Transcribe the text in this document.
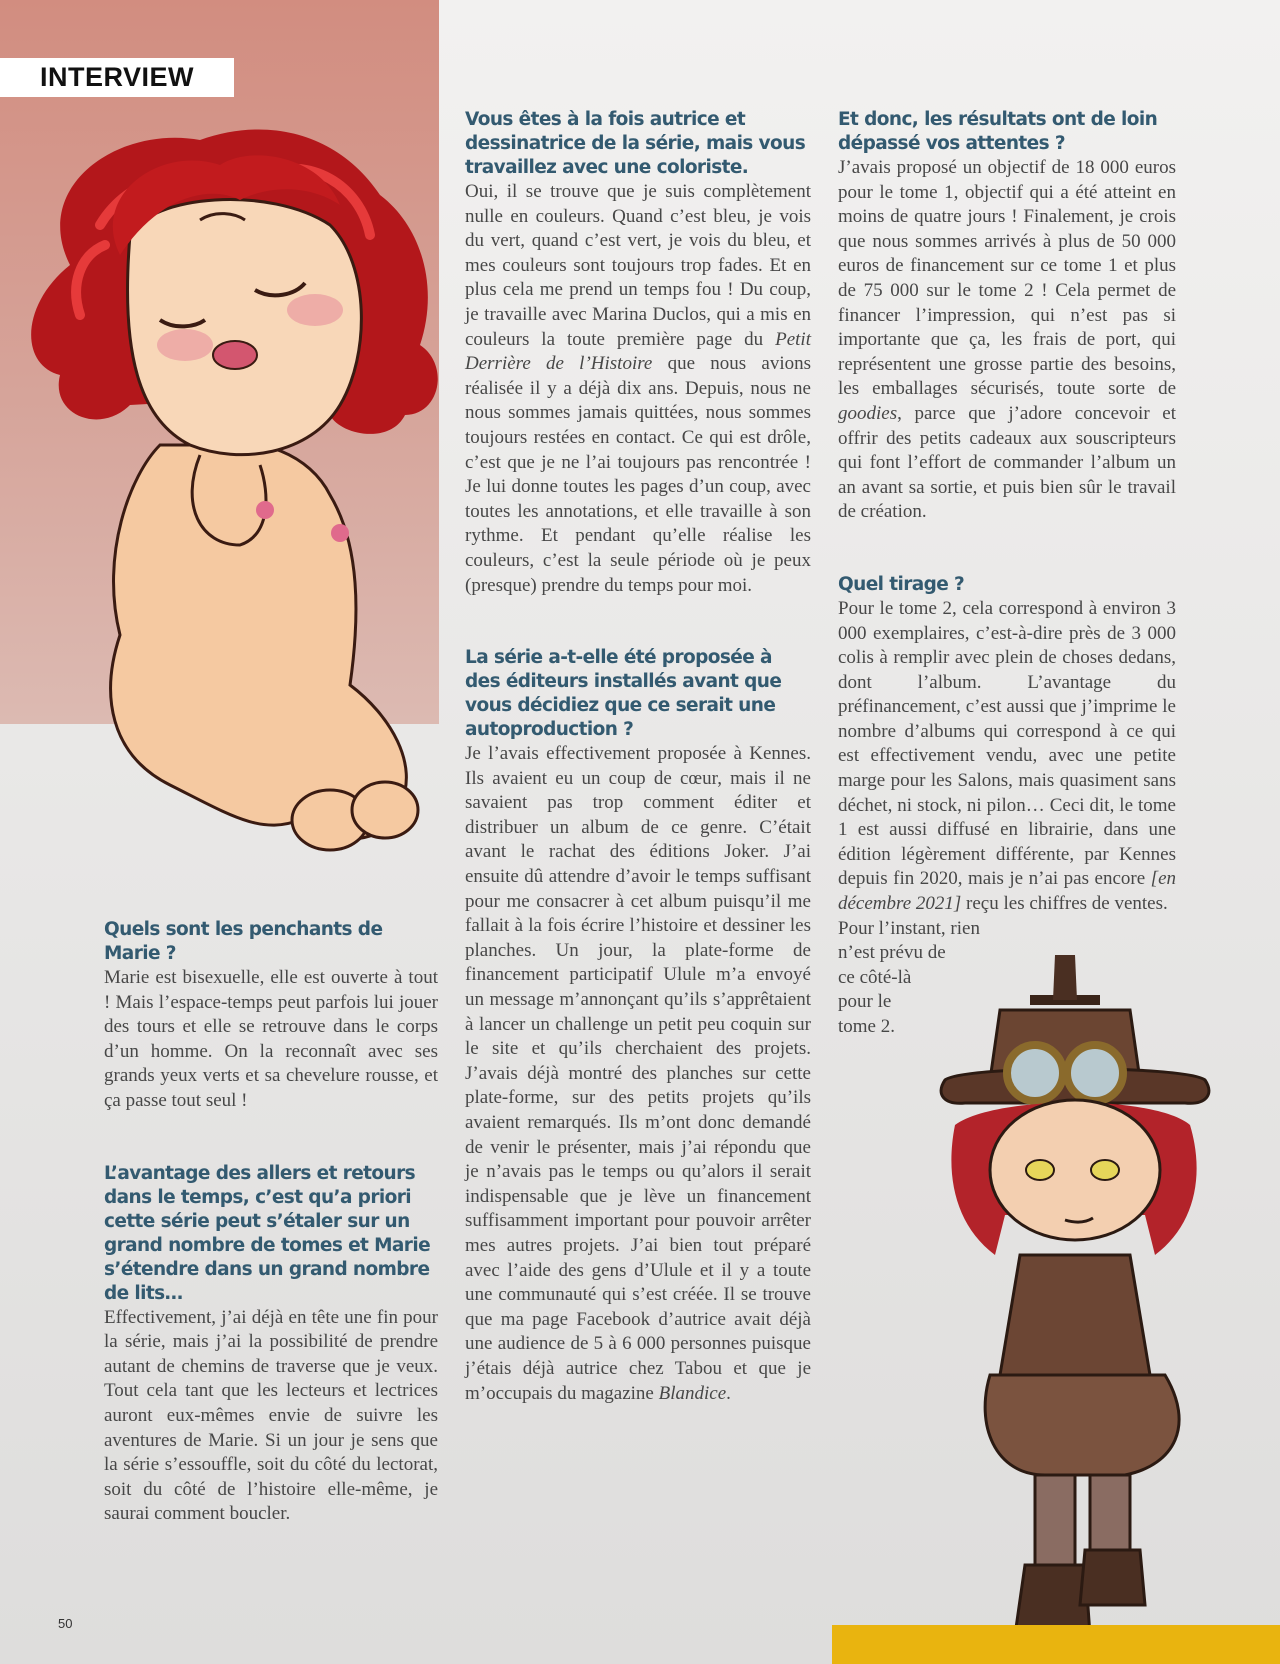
INTERVIEW

Quels sont les penchants de Marie ?

Marie est bisexuelle, elle est ouverte à tout ! Mais l’espace-temps peut parfois lui jouer des tours et elle se retrouve dans le corps d’un homme. On la reconnaît avec ses grands yeux verts et sa chevelure rousse, et ça passe tout seul !

L’avantage des allers et retours dans le temps, c’est qu’a priori cette série peut s’étaler sur un grand nombre de tomes et Marie s’étendre dans un grand nombre de lits…

Effectivement, j’ai déjà en tête une fin pour la série, mais j’ai la possibilité de prendre autant de chemins de traverse que je veux. Tout cela tant que les lecteurs et lectrices auront eux-mêmes envie de suivre les aventures de Marie. Si un jour je sens que la série s’essouffle, soit du côté du lectorat, soit du côté de l’histoire elle-même, je saurai comment boucler.

Vous êtes à la fois autrice et dessinatrice de la série, mais vous travaillez avec une coloriste.

Oui, il se trouve que je suis complètement nulle en couleurs. Quand c’est bleu, je vois du vert, quand c’est vert, je vois du bleu, et mes couleurs sont toujours trop fades. Et en plus cela me prend un temps fou ! Du coup, je travaille avec Marina Duclos, qui a mis en couleurs la toute première page du Petit Derrière de l’Histoire que nous avions réalisée il y a déjà dix ans. Depuis, nous ne nous sommes jamais quittées, nous sommes toujours restées en contact. Ce qui est drôle, c’est que je ne l’ai toujours pas rencontrée ! Je lui donne toutes les pages d’un coup, avec toutes les annotations, et elle travaille à son rythme. Et pendant qu’elle réalise les couleurs, c’est la seule période où je peux (presque) prendre du temps pour moi.

La série a-t-elle été proposée à des éditeurs installés avant que vous décidiez que ce serait une autoproduction ?

Je l’avais effectivement proposée à Kennes. Ils avaient eu un coup de cœur, mais il ne savaient pas trop comment éditer et distribuer un album de ce genre. C’était avant le rachat des éditions Joker. J’ai ensuite dû attendre d’avoir le temps suffisant pour me consacrer à cet album puisqu’il me fallait à la fois écrire l’histoire et dessiner les planches. Un jour, la plate-forme de financement participatif Ulule m’a envoyé un message m’annonçant qu’ils s’apprêtaient à lancer un challenge un petit peu coquin sur le site et qu’ils cherchaient des projets. J’avais déjà montré des planches sur cette plate-forme, sur des petits projets qu’ils avaient remarqués. Ils m’ont donc demandé de venir le présenter, mais j’ai répondu que je n’avais pas le temps ou qu’alors il serait indispensable que je lève un financement suffisamment important pour pouvoir arrêter mes autres projets. J’ai bien tout préparé avec l’aide des gens d’Ulule et il y a toute une communauté qui s’est créée. Il se trouve que ma page Facebook d’autrice avait déjà une audience de 5 à 6 000 personnes puisque j’étais déjà autrice chez Tabou et que je m’occupais du magazine Blandice.

Et donc, les résultats ont de loin dépassé vos attentes ?

J’avais proposé un objectif de 18 000 euros pour le tome 1, objectif qui a été atteint en moins de quatre jours ! Finalement, je crois que nous sommes arrivés à plus de 50 000 euros de financement sur ce tome 1 et plus de 75 000 sur le tome 2 ! Cela permet de financer l’impression, qui n’est pas si importante que ça, les frais de port, qui représentent une grosse partie des besoins, les emballages sécurisés, toute sorte de goodies, parce que j’adore concevoir et offrir des petits cadeaux aux souscripteurs qui font l’effort de commander l’album un an avant sa sortie, et puis bien sûr le travail de création.

Quel tirage ?

Pour le tome 2, cela correspond à environ 3 000 exemplaires, c’est-à-dire près de 3 000 colis à remplir avec plein de choses dedans, dont l’album. L’avantage du préfinancement, c’est aussi que j’imprime le nombre d’albums qui correspond à ce qui est effectivement vendu, avec une petite marge pour les Salons, mais quasiment sans déchet, ni stock, ni pilon… Ceci dit, le tome 1 est aussi diffusé en librairie, dans une édition légèrement différente, par Kennes depuis fin 2020, mais je n’ai pas encore [en décembre 2021] reçu les chiffres de ventes.

Pour l’instant, rien
n’est prévu de
ce côté-là
pour le
tome 2.
50
